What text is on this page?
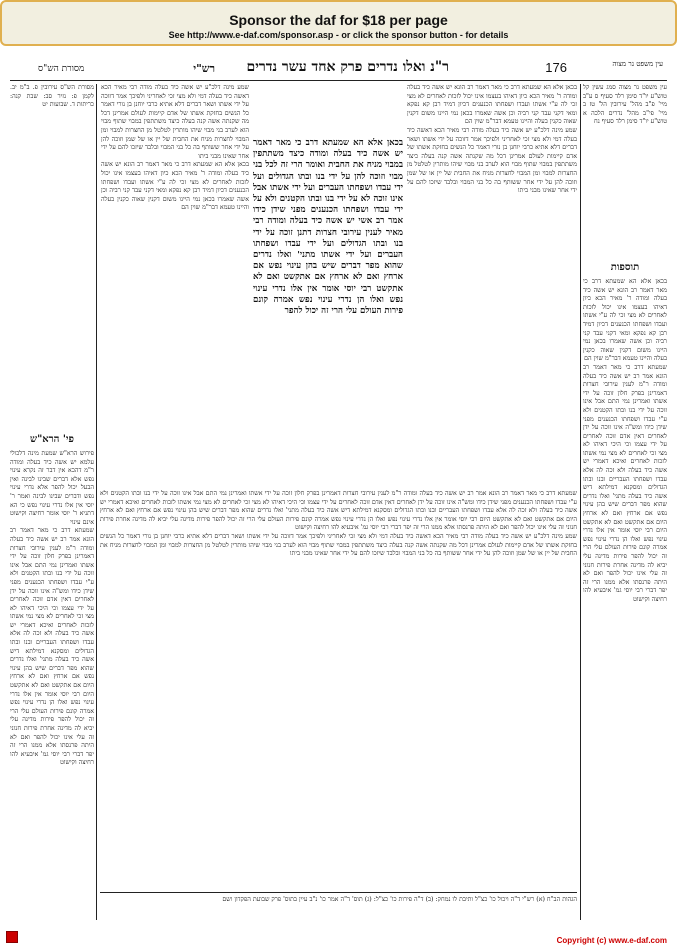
Sponsor the daf for $18 per page
See http://www.e-daf.com/sponsor.asp - or click the sponsor button - for details
עין משפט נר מצוה
176
ר"נ ואלו נדרים פרק אחד עשר נדרים
רש"י
מסורת הש"ס

עין משפט נר מצוה סמג עשין קל טוש"ע יו"ד סימן רלד סעיף ס ע"ב מיי' פ"ב מהל' עירובין הל' טז ב מיי' פי"ב מהל' נדרים הלכה א טוש"ע יו"ד סימן רלד סעיף נח

תוספות

בכאן אלא הא שמעתא דרב כי מאר דאמר רב הונא יש אשה כיד בעלה ומודה ר' מאיר הכא כיון דאיהו בעצמו אינו יכול לזכות לאחרים לא מצי זכי לה ע"י אשתו ועבדו ושפחתו הכנענים דכיון דמיד רבן קא נפקא ומאי דקני עבד קני רביה וכן אשה שאמרו בכאן נמי היינו משום דקנין שאוה כקנין בעלה והיינו טעמא דבר"מ שוין הם

שמעתא דרב כי מאר דאמר רב הונא אמר רב יש אשה כיד בעלה ומודה ר"מ לענין עירובי חצרות דאמרינן בפרק חלון זוכה על ידי אשתו ואמרינן נמי התם אבל אינו זוכה על ידי בנו ובתו הקטנים ולא ע"י עבדו ושפחתו הכנענים מפני שידן כידו ומש"ה אינו זוכה על ידן לאחרים דאין אדם זוכה לאחרים על ידי עצמו וכי היכי דאיהו לא מצי זכי לאחרים לא מצי נמי אשתו לזכות לאחרים ואיכא דאמרי יש אשה כיד בעלה ולא זכה לה אלא עבדו ושפחתו העבריים ובנו ובתו הגדולים ומסקנא דמילתא דיש אשה כיד בעלה מתני' ואלו נדרים שהוא מפר דברים שיש בהן עינוי נפש אם ארחץ ואם לא ארחץ היום אם אתקשט ואם לא אתקשט היום רבי יוסי אומר אין אלו נדרי עינוי נפש ואלו הן נדרי עינוי נפש אמרה קונם פירות העולם עלי הרי זה יכול להפר פירות מדינה עלי יביא לה מדינה אחרת פירות חנוני זה עלי אינו יכול להפר ואם לא היתה פרנסתו אלא ממנו הרי זה יפר דברי רבי יוסי גמ' איבעיא להו רחיצה וקישוט

בכאן אלא הא שמעתא דרב כי מאר דאמר רב הונא יש אשה כיד בעלה ומודה ר' מאיר הכא כיון דאיהו בעצמו אינו יכול לזכות לאחרים לא מצי זכי לה ע"י אשתו ועבדו ושפחתו הכנענים דכיון דמיד רבן קא נפקא ומאי דקני עבד קני רביה וכן אשה שאמרו בכאן נמי היינו משום דקנין שאוה כקנין בעלה והיינו טעמא דבר"מ שוין הם

שמע מינה דלכ"ע יש אשה כיד בעלה מודה רבי מאיר הכא דאשה כיד בעלה דמי ולא מצי זכי לאחריני ולפיכך אמר דזוכה על ידי אשתו ושאר דברים דלא אתיא כרבי יוחנן בן נורי דאמר כל הנשים בחזקת אשתו של אדם קיימות לעולם אמרינן דכל מה שקנתה אשה קנה בעלה כיצד משתתפין במבוי שתוף מבוי הוא לערב בני מבוי שיהו מותרין לטלטל מן החצרות למבוי ומן המבוי לחצרות מניח את החבית של יין או של שמן וזוכה להן על ידי אחר ששותף בה כל בני המבוי ובלבד שיזכו להם על ידי אחר שאינו מבני ביתו

בכאן אלא הא שמעתא דרב כי מאר דאמר יש אשה כיד בעלה ומודה כיצד משתתפין במבוי מניח את החבית ואומר הרי זה לכל בני מבוי וזוכה להן על ידי בנו ובתו הגדולים ועל ידי עבדו ושפחתו העברים ועל ידי אשתו אבל אינו זוכה לא על ידי בנו ובתו הקטנים ולא על ידי עבדו ושפחתו הכנענים מפני שידן כידו אמר רב אשי יש אשה כיד בעלה ומודה רבי מאיר לענין עירובי חצרות דתנן זוכה על ידי בנו ובתו הגדולים ועל ידי עבדו ושפחתו העברים ועל ידי אשתו מתני' ואלו נדרים שהוא מפר דברים שיש בהן עינוי נפש אם ארחץ ואם לא ארחץ אם אתקשט ואם לא אתקשט רבי יוסי אומר אין אלו נדרי עינוי נפש ואלו הן נדרי עינוי נפש אמרה קונם פירות העולם עלי הרי זה יכול להפר

שמע מינה דלכ"ע יש אשה כיד בעלה מודה רבי מאיר הכא דאשה כיד בעלה דמי ולא מצי זכי לאחריני ולפיכך אמר דזוכה על ידי אשתו ושאר דברים דלא אתיא כרבי יוחנן בן נורי דאמר כל הנשים בחזקת אשתו של אדם קיימות לעולם אמרינן דכל מה שקנתה אשה קנה בעלה כיצד משתתפין במבוי שתוף מבוי הוא לערב בני מבוי שיהו מותרין לטלטל מן החצרות למבוי ומן המבוי לחצרות מניח את החבית של יין או של שמן וזוכה להן על ידי אחר ששותף בה כל בני המבוי ובלבד שיזכו להם על ידי אחר שאינו מבני ביתו

בכאן אלא הא שמעתא דרב כי מאר דאמר רב הונא יש אשה כיד בעלה ומודה ר' מאיר הכא כיון דאיהו בעצמו אינו יכול לזכות לאחרים לא מצי זכי לה ע"י אשתו ועבדו ושפחתו הכנענים דכיון דמיד רבן קא נפקא ומאי דקני עבד קני רביה וכן אשה שאמרו בכאן נמי היינו משום דקנין שאוה כקנין בעלה והיינו טעמא דבר"מ שוין הם

מסורת הש"ס עירובין פ. ב"מ יב. לקמן פ: נזיר סב: שבת קנה: כריתות ד. שבועות יט

פי' הרא"ש

פירוש הרא"ש שמעת מינה דלכולי עלמא יש אשה כיד בעלה ומודה ר"מ דהכא אין דבר זה נקרא עינוי נפש אלא דברים שבינו לבינה ואין הבעל יכול להפר אלא נדרי עינוי נפש ודברים שבינו לבינה ואמר ר' יוסי אין אלו נדרי עינוי נפש כי הא דתניא ר' יוסי אומר רחיצה וקישוט אינם עינוי

שמעתא דרב כי מאר דאמר רב הונא אמר רב יש אשה כיד בעלה ומודה ר"מ לענין עירובי חצרות דאמרינן בפרק חלון זוכה על ידי אשתו ואמרינן נמי התם אבל אינו זוכה על ידי בנו ובתו הקטנים ולא ע"י עבדו ושפחתו הכנענים מפני שידן כידו ומש"ה אינו זוכה על ידן לאחרים דאין אדם זוכה לאחרים על ידי עצמו וכי היכי דאיהו לא מצי זכי לאחרים לא מצי נמי אשתו לזכות לאחרים ואיכא דאמרי יש אשה כיד בעלה ולא זכה לה אלא עבדו ושפחתו העבריים ובנו ובתו הגדולים ומסקנא דמילתא דיש אשה כיד בעלה מתני' ואלו נדרים שהוא מפר דברים שיש בהן עינוי נפש אם ארחץ ואם לא ארחץ היום אם אתקשט ואם לא אתקשט היום רבי יוסי אומר אין אלו נדרי עינוי נפש ואלו הן נדרי עינוי נפש אמרה קונם פירות העולם עלי הרי זה יכול להפר פירות מדינה עלי יביא לה מדינה אחרת פירות חנוני זה עלי אינו יכול להפר ואם לא היתה פרנסתו אלא ממנו הרי זה יפר דברי רבי יוסי גמ' איבעיא להו רחיצה וקישוט

שמעתא דרב כי מאר דאמר רב הונא אמר רב יש אשה כיד בעלה ומודה ר"מ לענין עירובי חצרות דאמרינן בפרק חלון זוכה על ידי אשתו ואמרינן נמי התם אבל אינו זוכה על ידי בנו ובתו הקטנים ולא ע"י עבדו ושפחתו הכנענים מפני שידן כידו ומש"ה אינו זוכה על ידן לאחרים דאין אדם זוכה לאחרים על ידי עצמו וכי היכי דאיהו לא מצי זכי לאחרים לא מצי נמי אשתו לזכות לאחרים ואיכא דאמרי יש אשה כיד בעלה ולא זכה לה אלא עבדו ושפחתו העבריים ובנו ובתו הגדולים ומסקנא דמילתא דיש אשה כיד בעלה מתני' ואלו נדרים שהוא מפר דברים שיש בהן עינוי נפש אם ארחץ ואם לא ארחץ היום אם אתקשט ואם לא אתקשט היום רבי יוסי אומר אין אלו נדרי עינוי נפש ואלו הן נדרי עינוי נפש אמרה קונם פירות העולם עלי הרי זה יכול להפר פירות מדינה עלי יביא לה מדינה אחרת פירות חנוני זה עלי אינו יכול להפר ואם לא היתה פרנסתו אלא ממנו הרי זה יפר דברי רבי יוסי גמ' איבעיא להו רחיצה וקישוט

שמע מינה דלכ"ע יש אשה כיד בעלה מודה רבי מאיר הכא דאשה כיד בעלה דמי ולא מצי זכי לאחריני ולפיכך אמר דזוכה על ידי אשתו ושאר דברים דלא אתיא כרבי יוחנן בן נורי דאמר כל הנשים בחזקת אשתו של אדם קיימות לעולם אמרינן דכל מה שקנתה אשה קנה בעלה כיצד משתתפין במבוי שתוף מבוי הוא לערב בני מבוי שיהו מותרין לטלטל מן החצרות למבוי ומן המבוי לחצרות מניח את החבית של יין או של שמן וזוכה להן על ידי אחר ששותף בה כל בני המבוי ובלבד שיזכו להם על ידי אחר שאינו מבני ביתו

הגהות הב"ח (א) רש"י ד"ה ויכול כו' כצ"ל ותיבת לו נמחק: (ב) ד"ה פירות כו' כצ"ל: (ג) תוס' ד"ה אמר כו' נ"ב עיין בתוס' פרק שבועת הפקדון ושם

Copyright (c) www.e-daf.com
